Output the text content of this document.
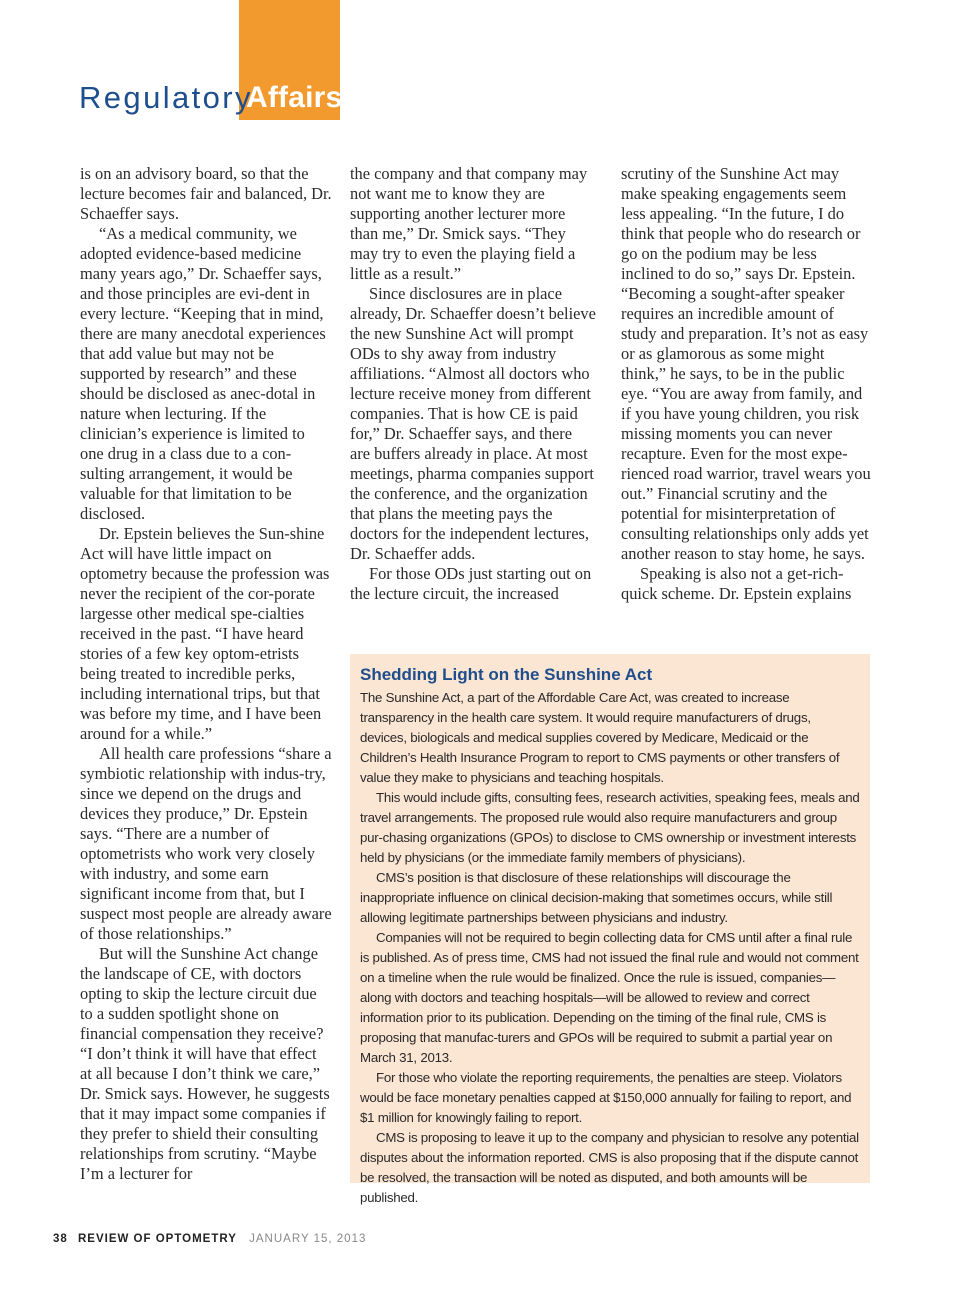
Regulatory
Affairs

is on an advisory board, so that the lecture becomes fair and balanced, Dr. Schaeffer says.

“As a medical community, we adopted evidence-based medicine many years ago,” Dr. Schaeffer says, and those principles are evi-dent in every lecture. “Keeping that in mind, there are many anecdotal experiences that add value but may not be supported by research” and these should be disclosed as anec-dotal in nature when lecturing. If the clinician’s experience is limited to one drug in a class due to a con-sulting arrangement, it would be valuable for that limitation to be disclosed.

Dr. Epstein believes the Sun-shine Act will have little impact on optometry because the profession was never the recipient of the cor-porate largesse other medical spe-cialties received in the past. “I have heard stories of a few key optom-etrists being treated to incredible perks, including international trips, but that was before my time, and I have been around for a while.”

All health care professions “share a symbiotic relationship with indus-try, since we depend on the drugs and devices they produce,” Dr. Epstein says. “There are a number of optometrists who work very closely with industry, and some earn significant income from that, but I suspect most people are already aware of those relationships.”

But will the Sunshine Act change the landscape of CE, with doctors opting to skip the lecture circuit due to a sudden spotlight shone on financial compensation they receive? “I don’t think it will have that effect at all because I don’t think we care,” Dr. Smick says. However, he suggests that it may impact some companies if they prefer to shield their consulting relationships from scrutiny. “Maybe I’m a lecturer for

the company and that company may not want me to know they are supporting another lecturer more than me,” Dr. Smick says. “They may try to even the playing field a little as a result.”

Since disclosures are in place already, Dr. Schaeffer doesn’t believe the new Sunshine Act will prompt ODs to shy away from industry affiliations. “Almost all doctors who lecture receive money from different companies. That is how CE is paid for,” Dr. Schaeffer says, and there are buffers already in place. At most meetings, pharma companies support the conference, and the organization that plans the meeting pays the doctors for the independent lectures, Dr. Schaeffer adds.

For those ODs just starting out on the lecture circuit, the increased

scrutiny of the Sunshine Act may make speaking engagements seem less appealing. “In the future, I do think that people who do research or go on the podium may be less inclined to do so,” says Dr. Epstein. “Becoming a sought-after speaker requires an incredible amount of study and preparation. It’s not as easy or as glamorous as some might think,” he says, to be in the public eye. “You are away from family, and if you have young children, you risk missing moments you can never recapture. Even for the most expe-rienced road warrior, travel wears you out.” Financial scrutiny and the potential for misinterpretation of consulting relationships only adds yet another reason to stay home, he says.

Speaking is also not a get-rich-quick scheme. Dr. Epstein explains

Shedding Light on the Sunshine Act

The Sunshine Act, a part of the Affordable Care Act, was created to increase transparency in the health care system. It would require manufacturers of drugs, devices, biologicals and medical supplies covered by Medicare, Medicaid or the Children’s Health Insurance Program to report to CMS payments or other transfers of value they make to physicians and teaching hospitals.

This would include gifts, consulting fees, research activities, speaking fees, meals and travel arrangements. The proposed rule would also require manufacturers and group pur-chasing organizations (GPOs) to disclose to CMS ownership or investment interests held by physicians (or the immediate family members of physicians).

CMS’s position is that disclosure of these relationships will discourage the inappropriate influence on clinical decision-making that sometimes occurs, while still allowing legitimate partnerships between physicians and industry.

Companies will not be required to begin collecting data for CMS until after a final rule is published. As of press time, CMS had not issued the final rule and would not comment on a timeline when the rule would be finalized. Once the rule is issued, companies—along with doctors and teaching hospitals—will be allowed to review and correct information prior to its publication. Depending on the timing of the final rule, CMS is proposing that manufac-turers and GPOs will be required to submit a partial year on March 31, 2013.

For those who violate the reporting requirements, the penalties are steep. Violators would be face monetary penalties capped at $150,000 annually for failing to report, and $1 million for knowingly failing to report.

CMS is proposing to leave it up to the company and physician to resolve any potential disputes about the information reported. CMS is also proposing that if the dispute cannot be resolved, the transaction will be noted as disputed, and both amounts will be published.

38 REVIEW OF OPTOMETRY JANUARY 15, 2013
